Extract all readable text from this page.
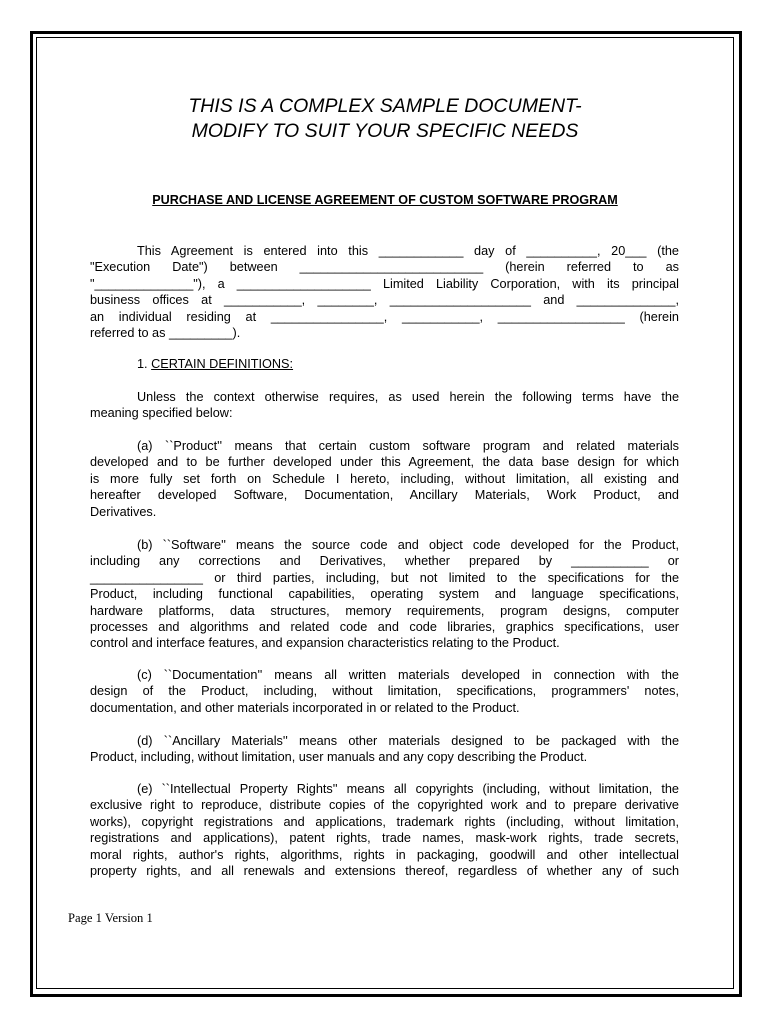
THIS IS A COMPLEX SAMPLE DOCUMENT-
MODIFY TO SUIT YOUR SPECIFIC NEEDS
PURCHASE AND LICENSE AGREEMENT OF CUSTOM SOFTWARE PROGRAM
This Agreement is entered into this ____________ day of __________, 20___ (the
"Execution Date") between __________________________ (herein referred to as
"______________"), a ___________________ Limited Liability Corporation, with its principal
business offices at ___________, ________, ____________________ and ______________,
an individual residing at ________________, ___________, __________________ (herein
referred to as _________).
1. CERTAIN DEFINITIONS:
Unless the context otherwise requires, as used herein the following terms have the
meaning specified below:
(a) ``Product'' means that certain custom software program and related materials
developed and to be further developed under this Agreement, the data base design for which
is more fully set forth on Schedule I hereto, including, without limitation, all existing and
hereafter developed Software, Documentation, Ancillary Materials, Work Product, and
Derivatives.
(b) ``Software'' means the source code and object code developed for the Product,
including any corrections and Derivatives, whether prepared by ___________ or
________________ or third parties, including, but not limited to the specifications for the
Product, including functional capabilities, operating system and language specifications,
hardware platforms, data structures, memory requirements, program designs, computer
processes and algorithms and related code and code libraries, graphics specifications, user
control and interface features, and expansion characteristics relating to the Product.
(c) ``Documentation'' means all written materials developed in connection with the
design of the Product, including, without limitation, specifications, programmers' notes,
documentation, and other materials incorporated in or related to the Product.
(d) ``Ancillary Materials'' means other materials designed to be packaged with the
Product, including, without limitation, user manuals and any copy describing the Product.
(e) ``Intellectual Property Rights'' means all copyrights (including, without limitation, the
exclusive right to reproduce, distribute copies of the copyrighted work and to prepare derivative
works), copyright registrations and applications, trademark rights (including, without limitation,
registrations and applications), patent rights, trade names, mask-work rights, trade secrets,
moral rights, author's rights, algorithms, rights in packaging, goodwill and other intellectual
property rights, and all renewals and extensions thereof, regardless of whether any of such
Page 1 Version 1
